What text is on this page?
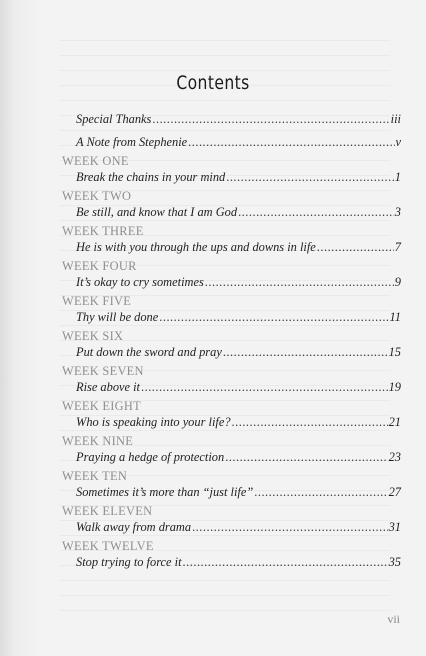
Contents
Special Thanks .....	iii
A Note from Stephenie .....	v
WEEK ONE
Break the chains in your mind .....	1
WEEK TWO
Be still, and know that I am God .....	3
WEEK THREE
He is with you through the ups and downs in life .....	7
WEEK FOUR
It’s okay to cry sometimes .....	9
WEEK FIVE
Thy will be done .....	11
WEEK SIX
Put down the sword and pray .....	15
WEEK SEVEN
Rise above it .....	19
WEEK EIGHT
Who is speaking into your life? .....	21
WEEK NINE
Praying a hedge of protection .....	23
WEEK TEN
Sometimes it’s more than “just life” .....	27
WEEK ELEVEN
Walk away from drama .....	31
WEEK TWELVE
Stop trying to force it .....	35
vii
